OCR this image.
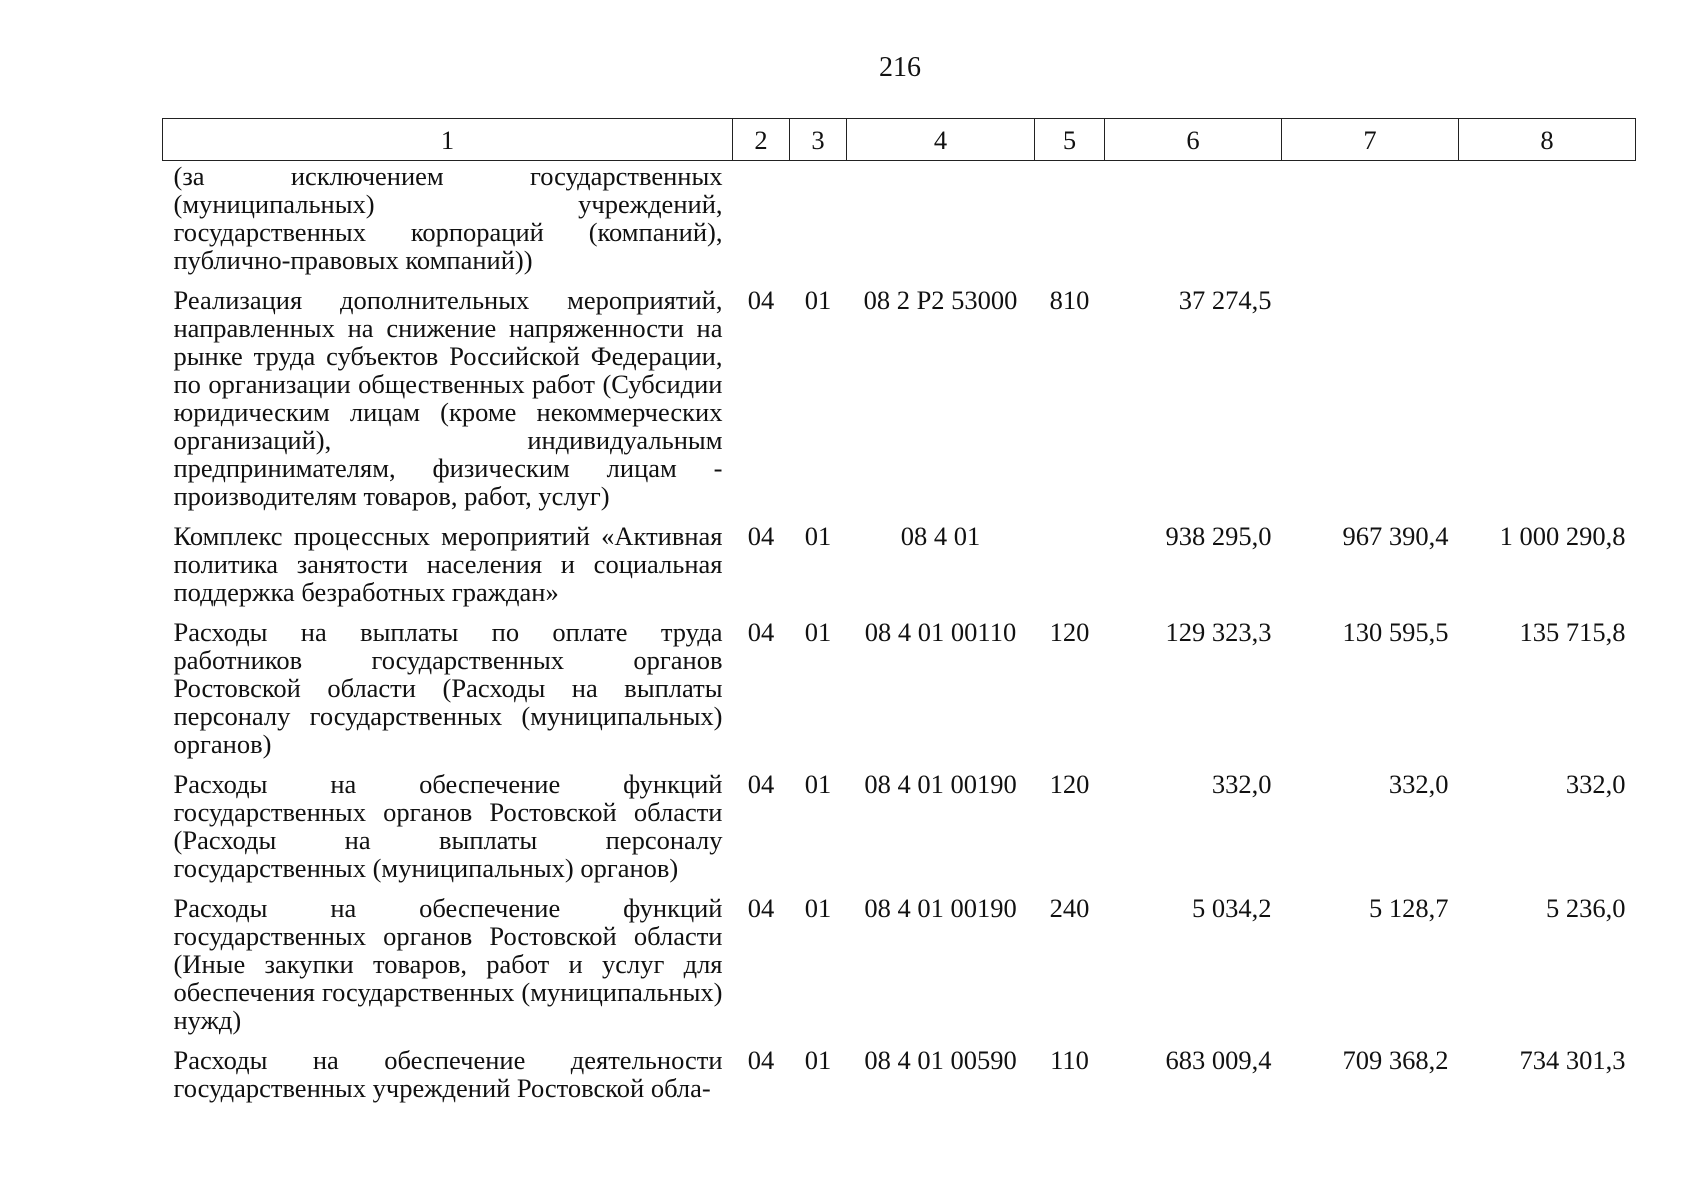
216
1	2	3	4	5	6	7	8
(за исключением государственных (муниципальных) учреждений, государственных корпораций (компаний), публично-правовых компаний))							
Реализация дополнительных мероприятий, направленных на снижение напряженности на рынке труда субъектов Российской Федерации, по организации общественных работ (Субсидии юридическим лицам (кроме некоммерческих организаций), индивидуальным предпринимателям, физическим лицам - производителям товаров, работ, услуг)	04	01	08 2 P2 53000	810	37 274,5		
Комплекс процессных мероприятий «Активная политика занятости населения и социальная поддержка безработных граждан»	04	01	08 4 01		938 295,0	967 390,4	1 000 290,8
Расходы на выплаты по оплате труда работников государственных органов Ростовской области (Расходы на выплаты персоналу государственных (муниципальных) органов)	04	01	08 4 01 00110	120	129 323,3	130 595,5	135 715,8
Расходы на обеспечение функций государственных органов Ростовской области (Расходы на выплаты персоналу государственных (муниципальных) органов)	04	01	08 4 01 00190	120	332,0	332,0	332,0
Расходы на обеспечение функций государственных органов Ростовской области (Иные закупки товаров, работ и услуг для обеспечения государственных (муниципальных) нужд)	04	01	08 4 01 00190	240	5 034,2	5 128,7	5 236,0
Расходы на обеспечение деятельности государственных учреждений Ростовской обла-	04	01	08 4 01 00590	110	683 009,4	709 368,2	734 301,3
